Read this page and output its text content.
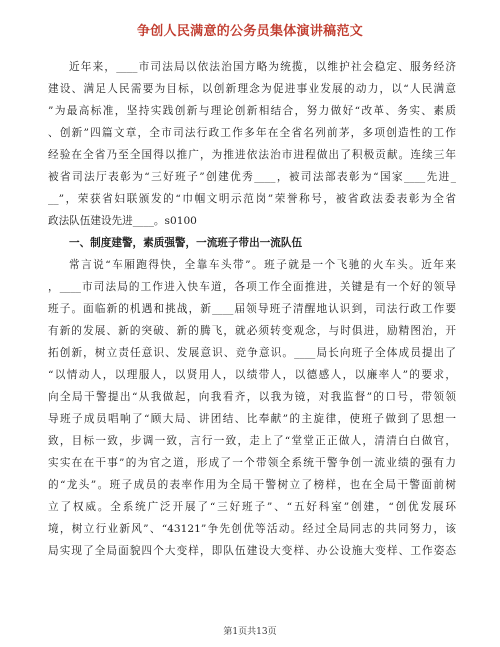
争创人民满意的公务员集体演讲稿范文
近年来，____市司法局以依法治国方略为统揽，以维护社会稳定、服务经济
建设、满足人民需要为目标，以创新理念为促进事业发展的动力，以“人民满意
”为最高标准，坚持实践创新与理论创新相结合，努力做好“改革、务实、素质
、创新”四篇文章，全市司法行政工作多年在全省名列前茅，多项创造性的工作
经验在全省乃至全国得以推广，为推进依法治市进程做出了积极贡献。连续三年
被省司法厅表彰为“三好班子”创建优秀____，被司法部表彰为“国家____先进_
__”，荣获省妇联颁发的“巾帼文明示范岗”荣誉称号，被省政法委表彰为全省
政法队伍建设先进____。s0100
一、制度建警，素质强警，一流班子带出一流队伍
常言说“车厢跑得快，全靠车头带”。班子就是一个飞驰的火车头。近年来
，____市司法局的工作进入快车道，各项工作全面推进，关键是有一个好的领导
班子。面临新的机遇和挑战，新____届领导班子清醒地认识到，司法行政工作要
有新的发展、新的突破、新的腾飞，就必须转变观念，与时俱进，励精图治，开
拓创新，树立责任意识、发展意识、竞争意识。____局长向班子全体成员提出了
“以情动人，以理服人，以贤用人，以绩带人，以德感人，以廉率人”的要求，
向全局干警提出“从我做起，向我看齐，以我为镜，对我监督”的口号，带领领
导班子成员唱响了“顾大局、讲团结、比奉献”的主旋律，使班子做到了思想一
致，目标一致，步调一致，言行一致，走上了“堂堂正正做人，清清白白做官，
实实在在干事”的为官之道，形成了一个带领全系统干警争创一流业绩的强有力
的“龙头”。班子成员的表率作用为全局干警树立了榜样，也在全局干警面前树
立了权威。全系统广泛开展了“三好班子”、“五好科室”创建，“创优发展环
境，树立行业新风”、“43121”争先创优等活动。经过全局同志的共同努力，该
局实现了全局面貌四个大变样，即队伍建设大变样、办公设施大变样、工作姿态
第1页共13页
